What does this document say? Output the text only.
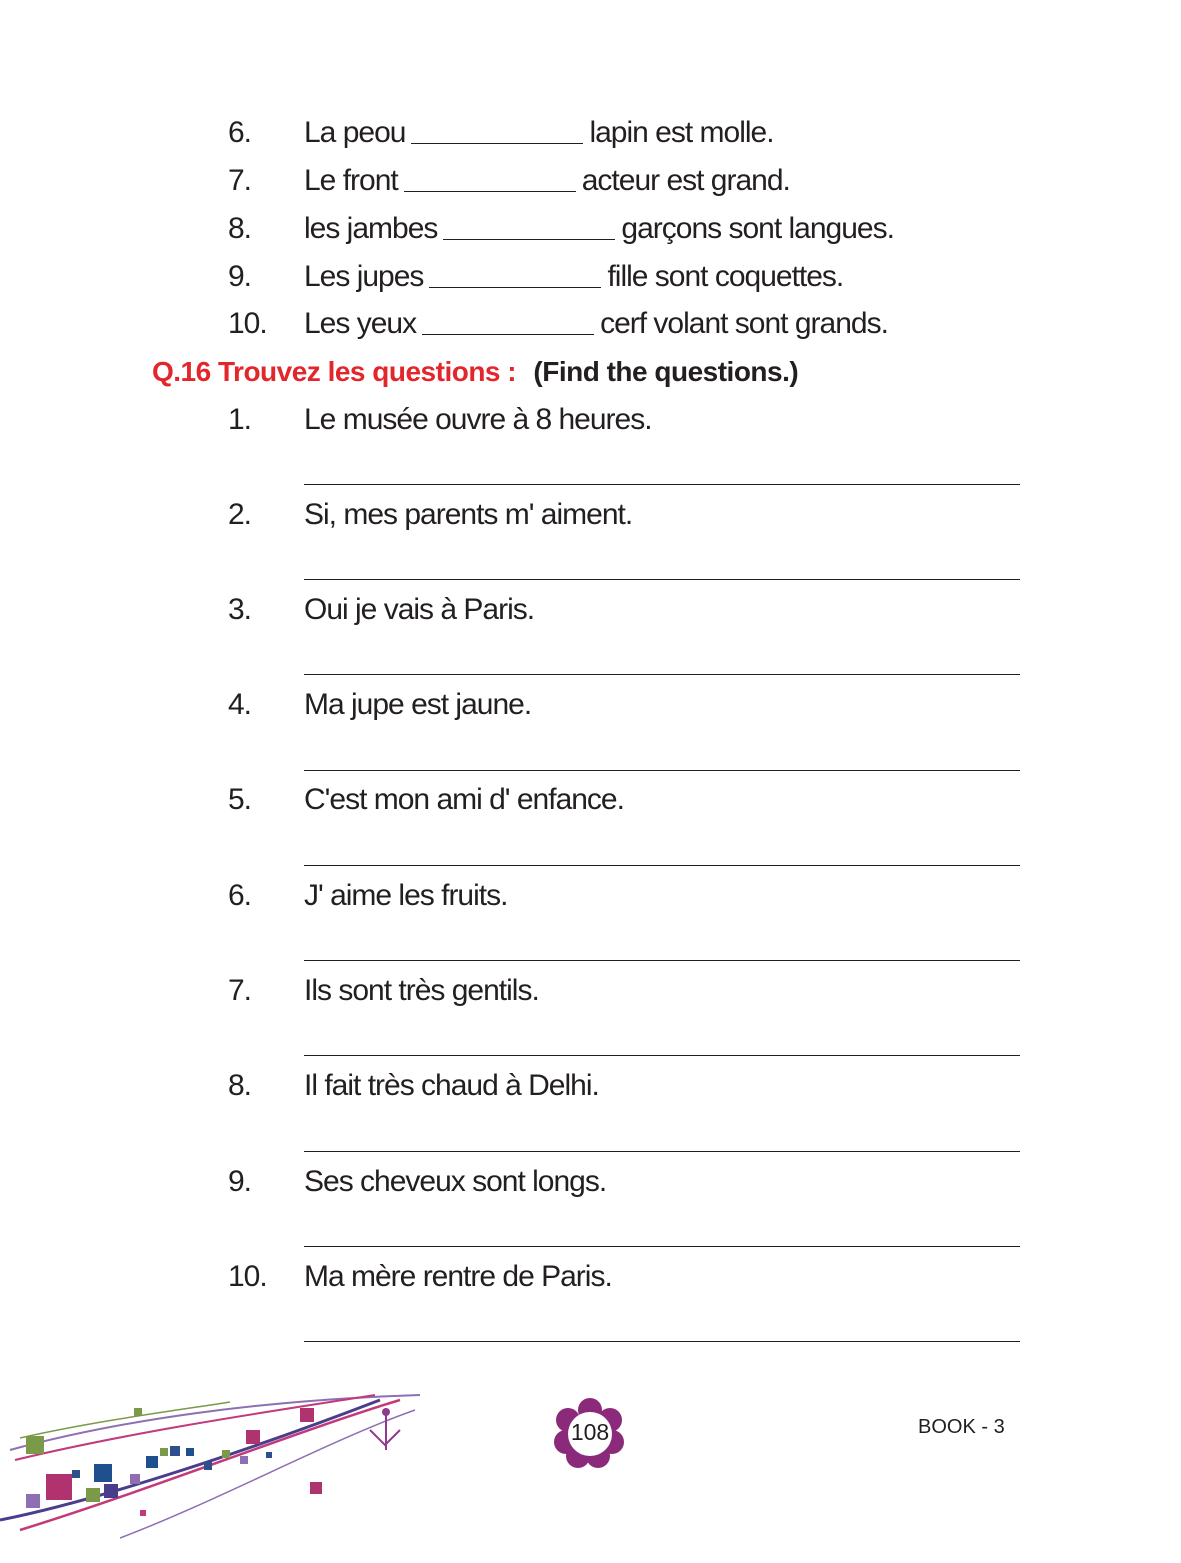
6. La peou	lapin est molle.
7. Le front	acteur est grand.
8. les jambes	garçons sont langues.
9. Les jupes	fille sont coquettes.
10. Les yeux	cerf volant sont grands.
Q.16 Trouvez les questions : (Find the questions.)
1. Le musée ouvre à 8 heures.
2. Si, mes parents m' aiment.
3. Oui je vais à Paris.
4. Ma jupe est jaune.
5. C'est mon ami d' enfance.
6. J' aime les fruits.
7. Ils sont très gentils.
8. Il fait très chaud à Delhi.
9. Ses cheveux sont longs.
10. Ma mère rentre de Paris.
108	BOOK - 3
